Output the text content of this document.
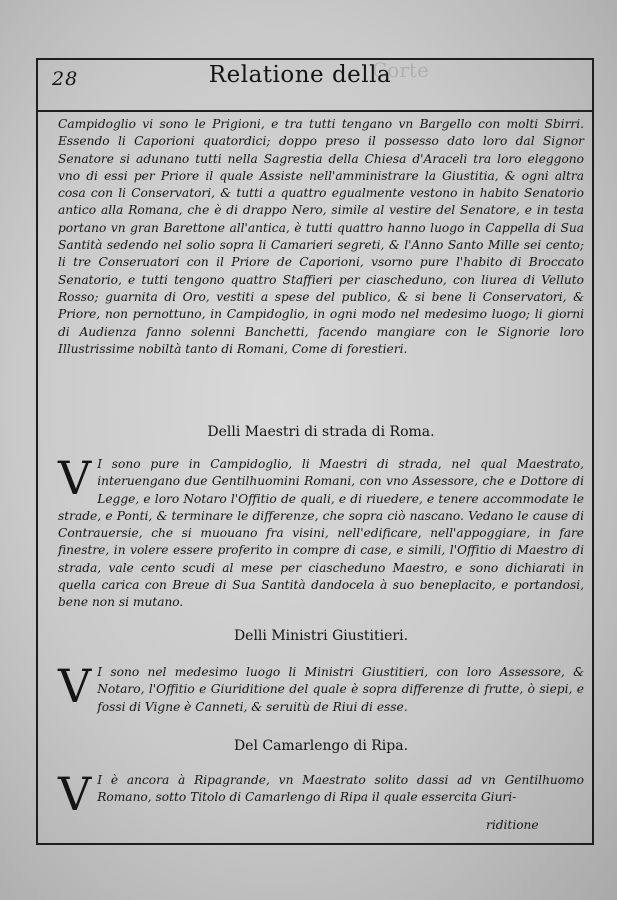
28	Corte
Relatione della
Campidoglio vi sono le Prigioni, e tra tutti tengano vn Bargello con molti Sbirri. Essendo li Caporioni quatordici; doppo preso il possesso dato loro dal Signor Senatore si adunano tutti nella Sagrestia della Chiesa d'Araceli tra loro eleggono vno di essi per Priore il quale Assiste nell'amministrare la Giustitia, & ogni altra cosa con li Conservatori, & tutti a quattro egualmente vestono in habito Senatorio antico alla Romana, che è di drappo Nero, simile al vestire del Senatore, e in testa portano vn gran Barettone all'antica, è tutti quattro hanno luogo in Cappella di Sua Santità sedendo nel solio sopra li Camarieri segreti, & l'Anno Santo Mille sei cento; li tre Conseruatori con il Priore de Caporioni, vsorno pure l'habito di Broccato Senatorio, e tutti tengono quattro Staffieri per ciascheduno, con liurea di Velluto Rosso; guarnita di Oro, vestiti a spese del publico, & si bene li Conservatori, & Priore, non pernottuno, in Campidoglio, in ogni modo nel medesimo luogo; li giorni di Audienza fanno solenni Banchetti, facendo mangiare con le Signorie loro Illustrissime nobiltà tanto di Romani, Come di forestieri.
Delli Maestri di strada di Roma.
V I sono pure in Campidoglio, li Maestri di strada, nel qual Maestrato, interuengano due Gentilhuomini Romani, con vno Assessore, che e Dottore di Legge, e loro Notaro l'Offitio de quali, e di riuedere, e tenere accommodate le strade, e Ponti, & terminare le differenze, che sopra ciò nascano. Vedano le cause di Contrauersie, che si muouano fra visini, nell'edificare, nell'appoggiare, in fare finestre, in volere essere proferito in compre di case, e simili, l'Offitio di Maestro di strada, vale cento scudi al mese per ciascheduno Maestro, e sono dichiarati in quella carica con Breue di Sua Santità dandocela à suo beneplacito, e portandosi, bene non si mutano.
Delli Ministri Giustitieri.
V I sono nel medesimo luogo li Ministri Giustitieri, con loro Assessore, & Notaro, l'Offitio e Giuriditione del quale è sopra differenze di frutte, ò siepi, e fossi di Vigne è Canneti, & seruitù de Riui di esse.
Del Camarlengo di Ripa.
V I è ancora à Ripagrande, vn Maestrato solito dassi ad vn Gentilhuomo Romano, sotto Titolo di Camarlengo di Ripa il quale essercita Giuri-
riditione
